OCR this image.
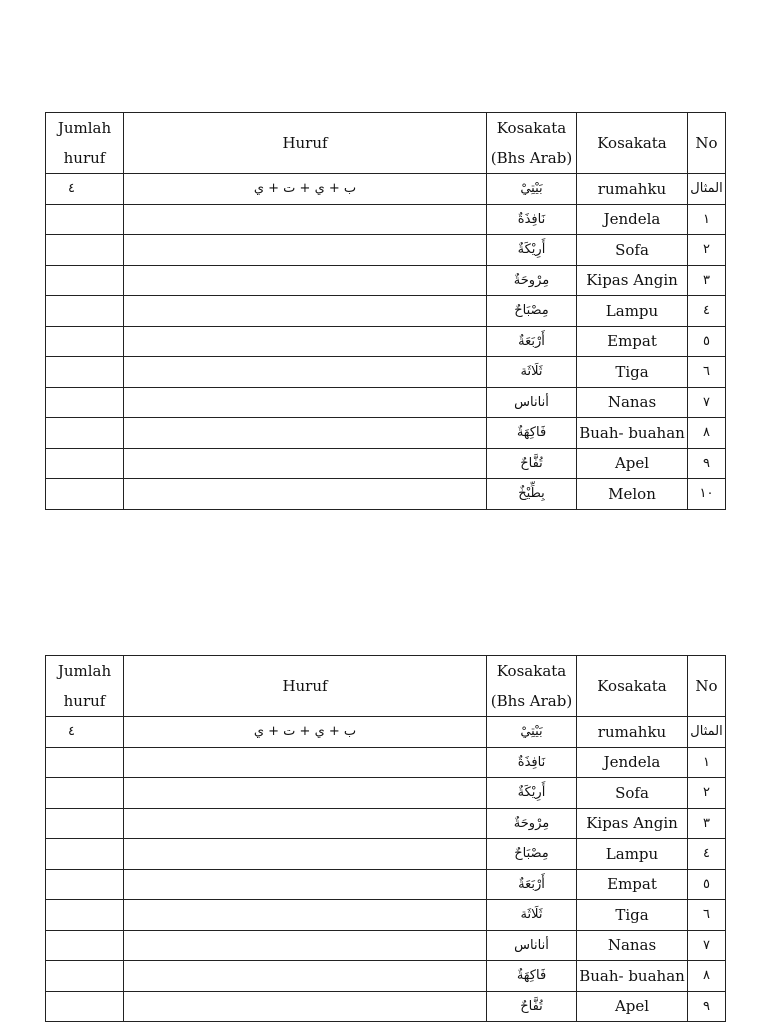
Jumlah huruf	Huruf	Kosakata (Bhs Arab)	Kosakata	No
٤	ب + ي + ت + ي	بَيْتِيْ	rumahku	المثال
		نَافِذَةٌ	Jendela	١
		أَرِيْكَةٌ	Sofa	٢
		مِرْوحَةٌ	Kipas Angin	٣
		مِصْبَاحٌ	Lampu	٤
		أَرْبَعَةٌ	Empat	٥
		ثَلَاثَة	Tiga	٦
		أناناس	Nanas	٧
		فَاكِهَةٌ	Buah- buahan	٨
		تُفَّاحٌ	Apel	٩
		بِطِّيْخٌ	Melon	١٠
Jumlah huruf	Huruf	Kosakata (Bhs Arab)	Kosakata	No
٤	ب + ي + ت + ي	بَيْتِيْ	rumahku	المثال
		نَافِذَةٌ	Jendela	١
		أَرِيْكَةٌ	Sofa	٢
		مِرْوحَةٌ	Kipas Angin	٣
		مِصْبَاحٌ	Lampu	٤
		أَرْبَعَةٌ	Empat	٥
		ثَلَاثَة	Tiga	٦
		أناناس	Nanas	٧
		فَاكِهَةٌ	Buah- buahan	٨
		تُفَّاحٌ	Apel	٩
